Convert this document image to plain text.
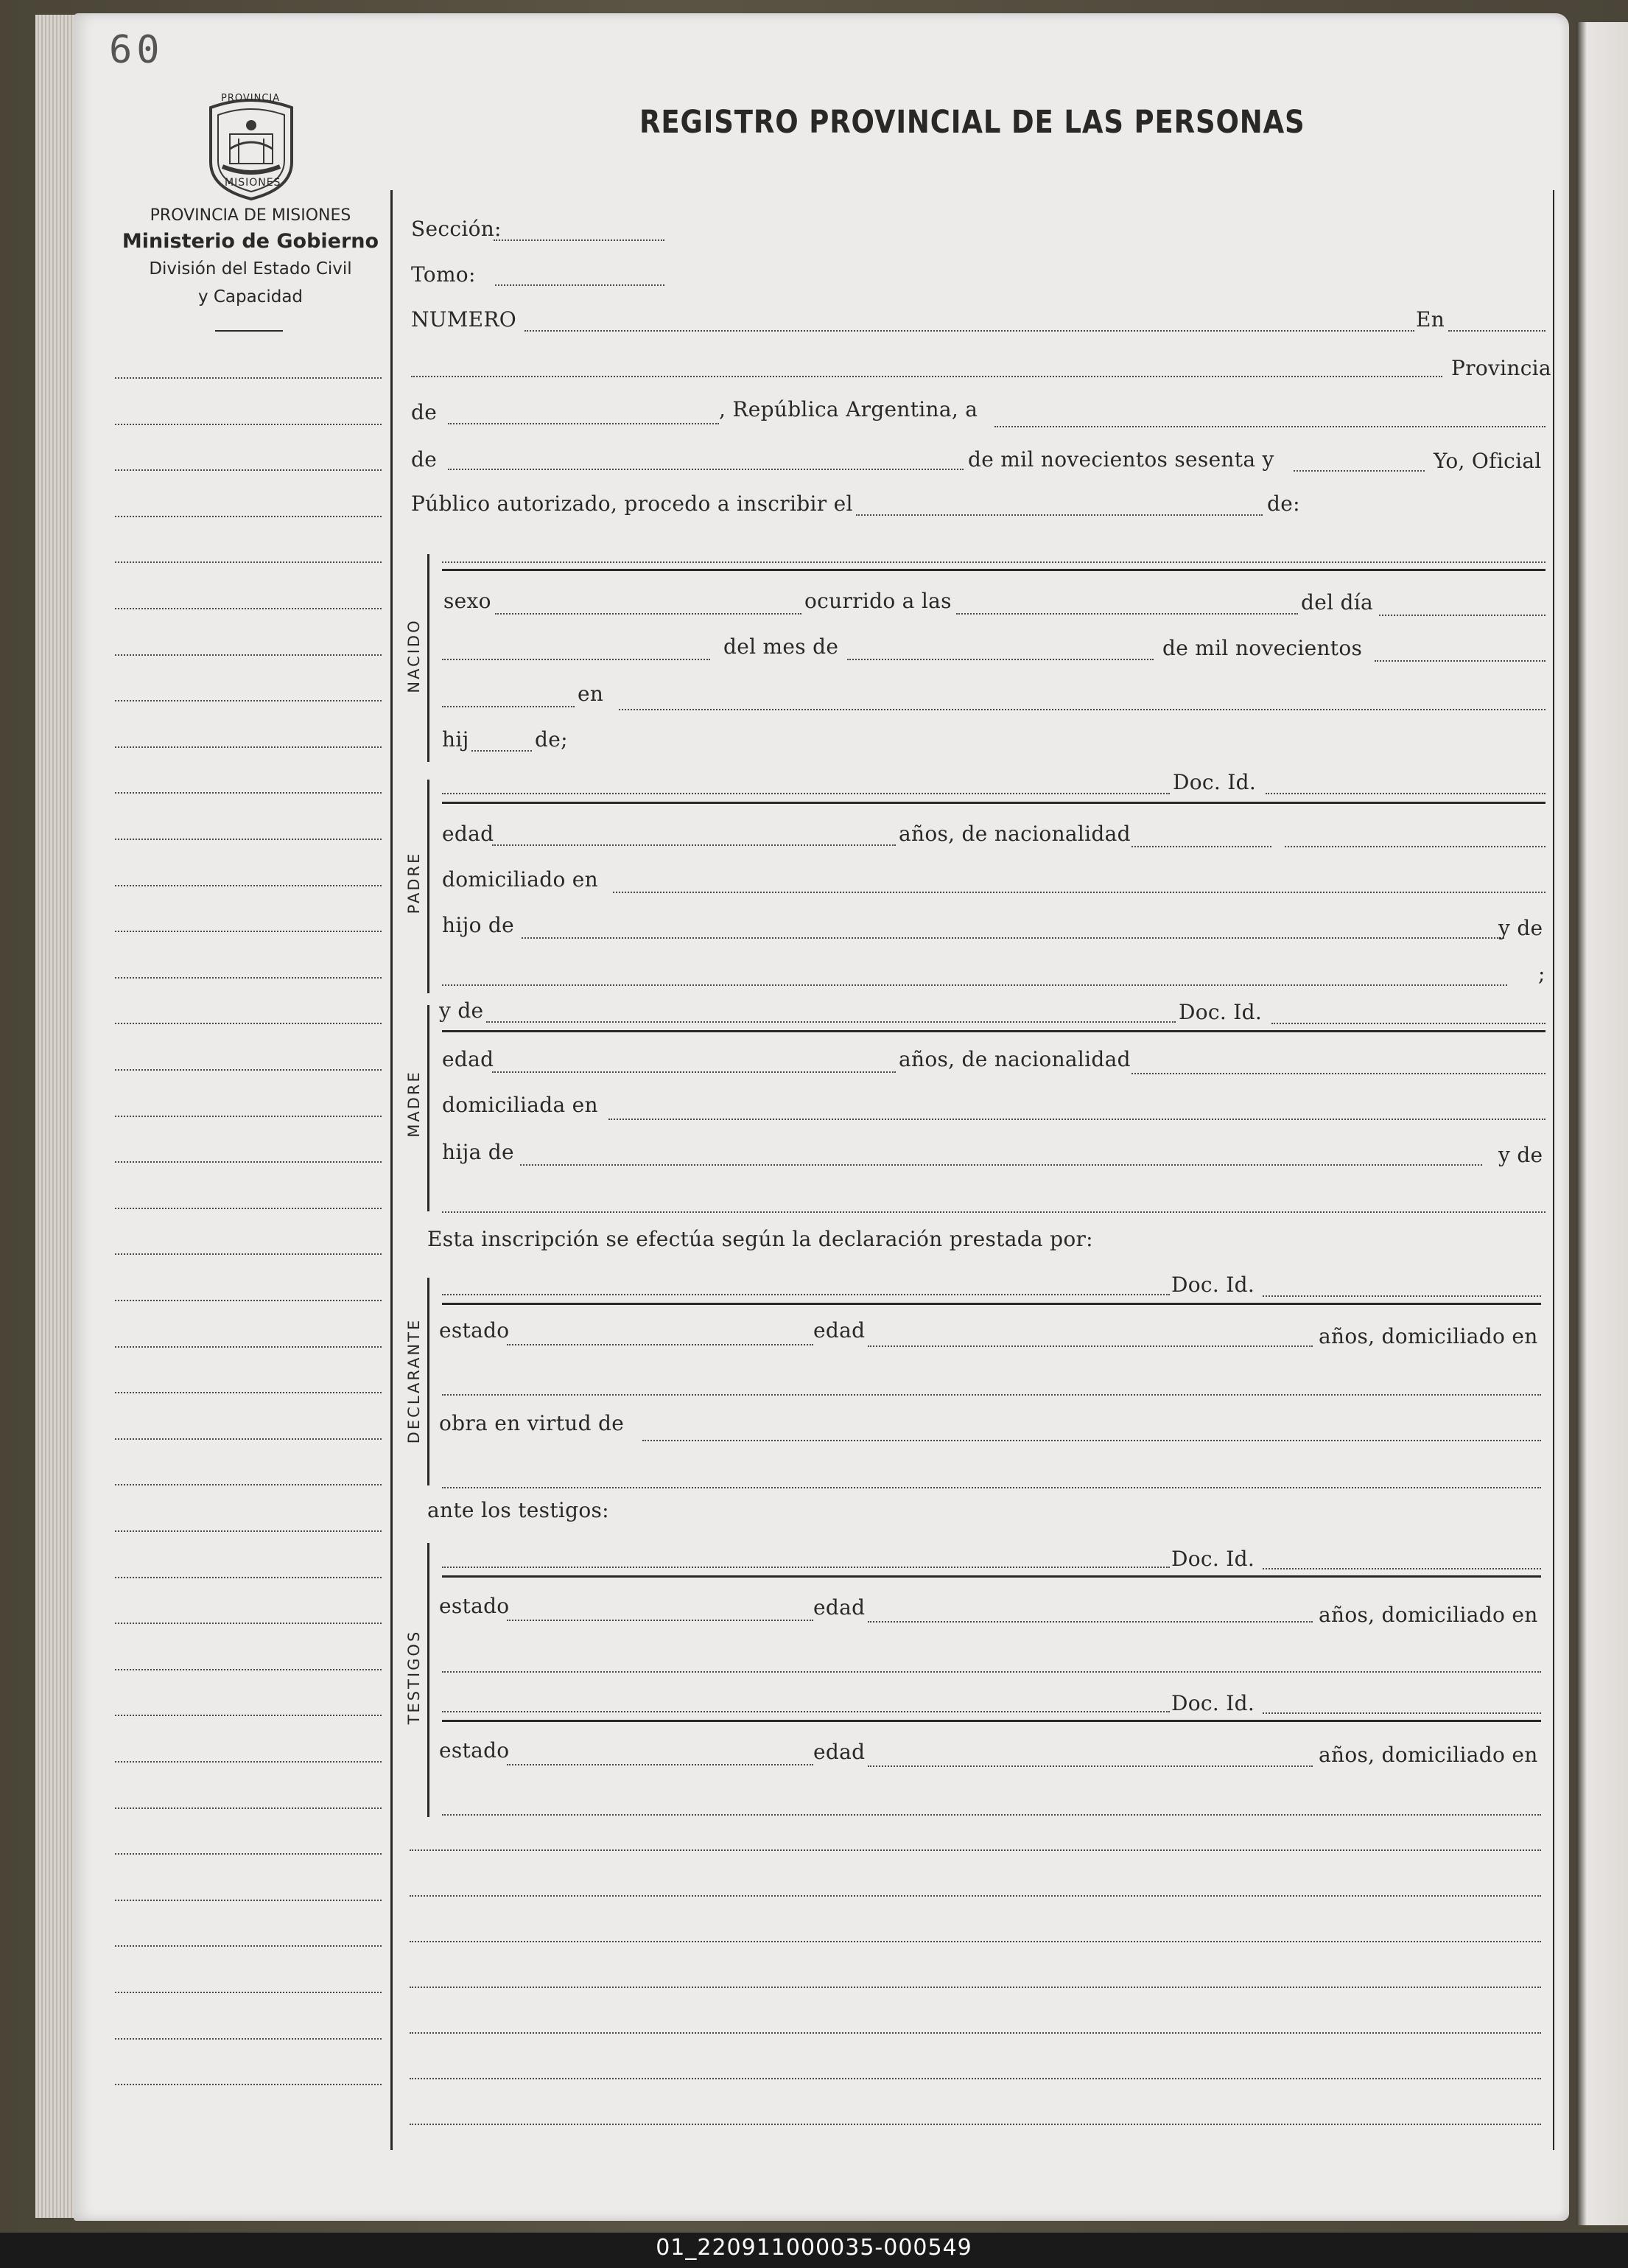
60
PROVINCIA
MISIONES
REGISTRO PROVINCIAL DE LAS PERSONAS
PROVINCIA DE MISIONES
Ministerio de Gobierno
División del Estado Civil
y Capacidad
Sección:
Tomo:
NUMERO	En
Provincia
de	, República Argentina, a
de	de mil novecientos sesenta y	Yo, Oficial
Público autorizado, procedo a inscribir el	de:
NACIDO
sexo	ocurrido a las	del día
del mes de	de mil novecientos
en
hij	de;
PADRE
Doc. Id.
edad	años, de nacionalidad
domiciliado en
hijo de	y de
;
MADRE
y de	Doc. Id.
edad	años, de nacionalidad
domiciliada en
hija de	y de
Esta inscripción se efectúa según la declaración prestada por:
DECLARANTE
Doc. Id.
estado	edad	años, domiciliado en
obra en virtud de
ante los testigos:
TESTIGOS
Doc. Id.
estado	edad	años, domiciliado en
Doc. Id.
estado	edad	años, domiciliado en
01_220911000035-000549
